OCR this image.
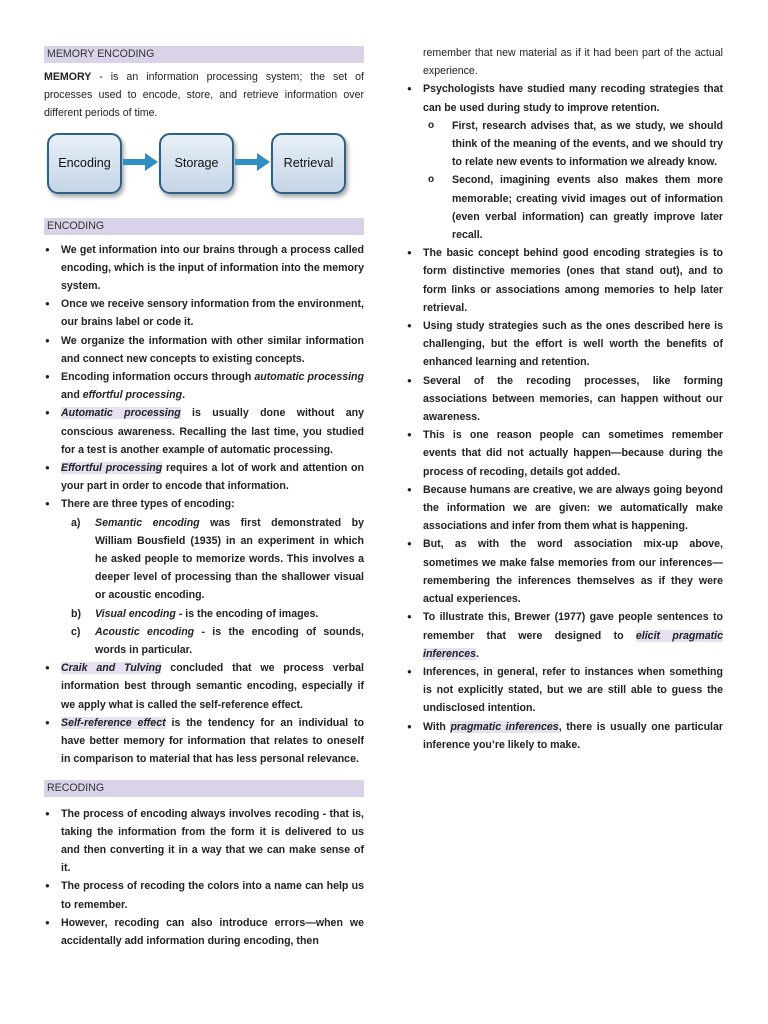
MEMORY ENCODING

MEMORY - is an information processing system; the set of processes used to encode, store, and retrieve information over different periods of time.

Encoding	Storage	Retrieval
ENCODING
● We get information into our brains through a process called encoding, which is the input of information into the memory system.
● Once we receive sensory information from the environment, our brains label or code it.
● We organize the information with other similar information and connect new concepts to existing concepts.
● Encoding information occurs through automatic processing and effortful processing.
● Automatic processing is usually done without any conscious awareness. Recalling the last time, you studied for a test is another example of automatic processing.
● Effortful processing requires a lot of work and attention on your part in order to encode that information.
● There are three types of encoding:
a) Semantic encoding was first demonstrated by William Bousfield (1935) in an experiment in which he asked people to memorize words. This involves a deeper level of processing than the shallower visual or acoustic encoding.
b) Visual encoding - is the encoding of images.
c) Acoustic encoding - is the encoding of sounds, words in particular.
● Craik and Tulving concluded that we process verbal information best through semantic encoding, especially if we apply what is called the self-reference effect.
● Self-reference effect is the tendency for an individual to have better memory for information that relates to oneself in comparison to material that has less personal relevance.
RECODING
● The process of encoding always involves recoding - that is, taking the information from the form it is delivered to us and then converting it in a way that we can make sense of it.
● The process of recoding the colors into a name can help us to remember.
● However, recoding can also introduce errors—when we accidentally add information during encoding, then

remember that new material as if it had been part of the actual experience.

● Psychologists have studied many recoding strategies that can be used during study to improve retention.
o First, research advises that, as we study, we should think of the meaning of the events, and we should try to relate new events to information we already know.
o Second, imagining events also makes them more memorable; creating vivid images out of information (even verbal information) can greatly improve later recall.
● The basic concept behind good encoding strategies is to form distinctive memories (ones that stand out), and to form links or associations among memories to help later retrieval.
● Using study strategies such as the ones described here is challenging, but the effort is well worth the benefits of enhanced learning and retention.
● Several of the recoding processes, like forming associations between memories, can happen without our awareness.
● This is one reason people can sometimes remember events that did not actually happen—because during the process of recoding, details got added.
● Because humans are creative, we are always going beyond the information we are given: we automatically make associations and infer from them what is happening.
● But, as with the word association mix-up above, sometimes we make false memories from our inferences—remembering the inferences themselves as if they were actual experiences.
● To illustrate this, Brewer (1977) gave people sentences to remember that were designed to elicit pragmatic inferences.
● Inferences, in general, refer to instances when something is not explicitly stated, but we are still able to guess the undisclosed intention.
● With pragmatic inferences, there is usually one particular inference you’re likely to make.
